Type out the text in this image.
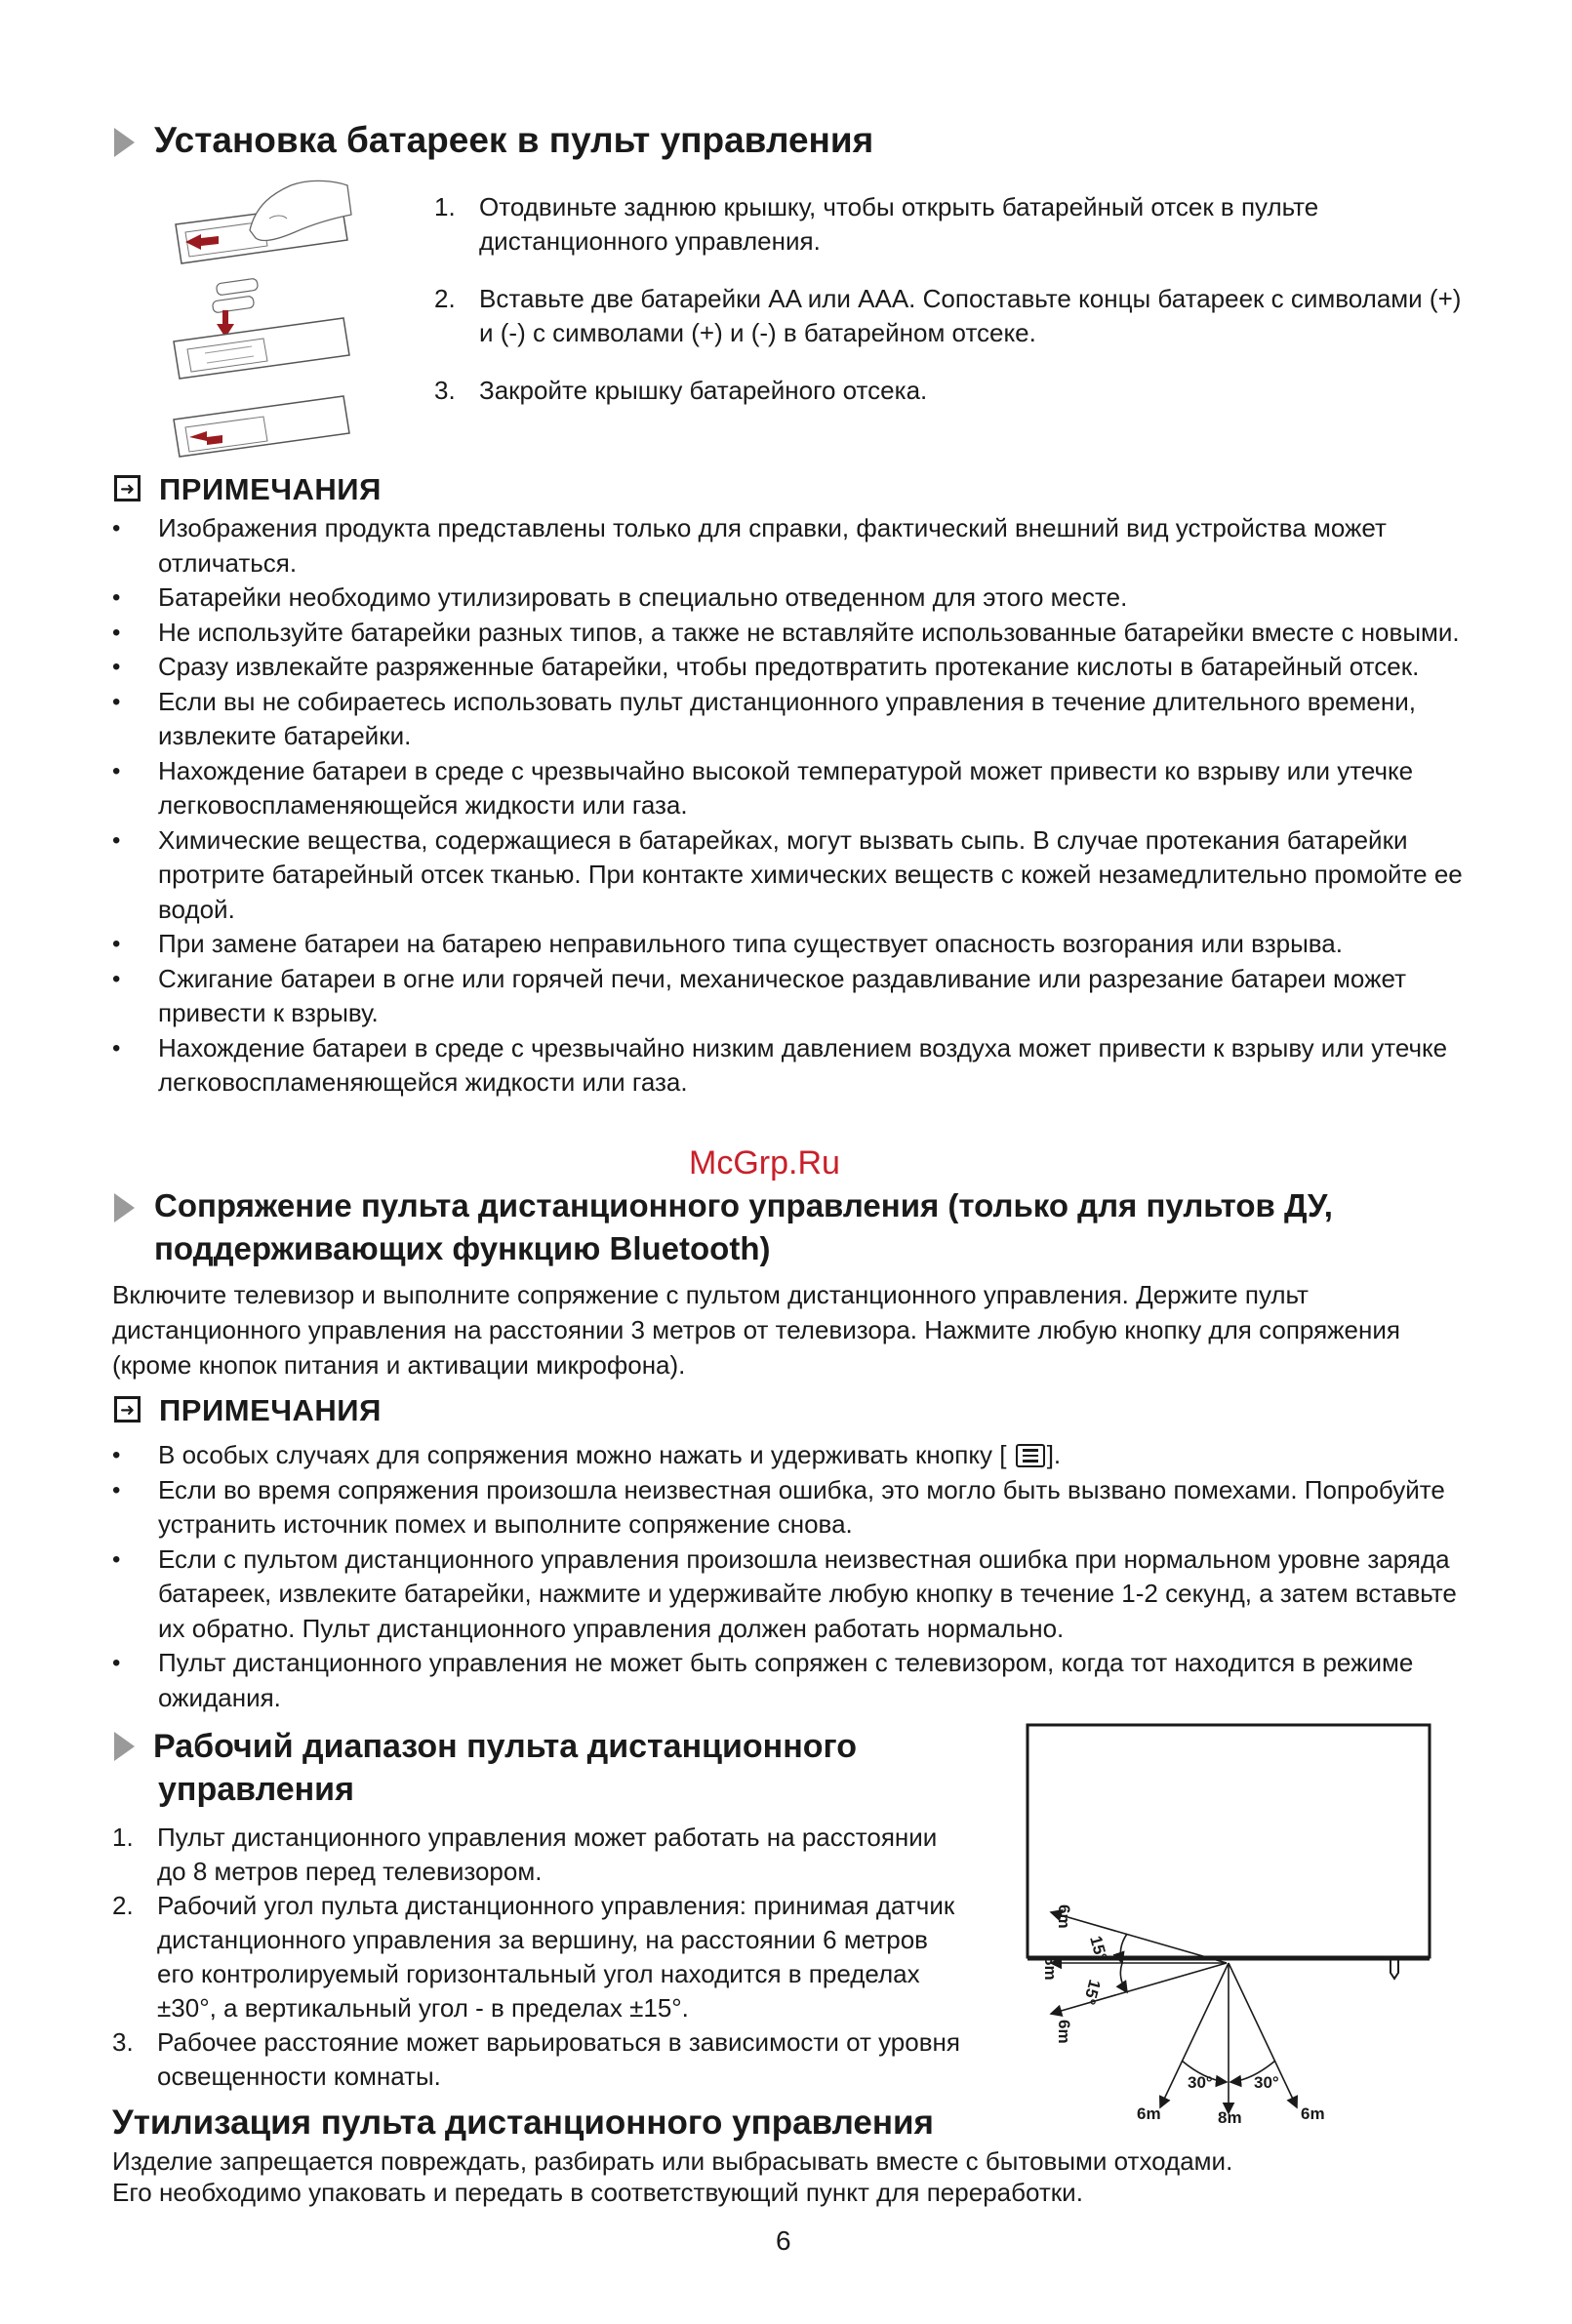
Установка батареек в пульт управления
1. Отодвиньте заднюю крышку, чтобы открыть батарейный отсек в пульте дистанционного управления.
2. Вставьте две батарейки AA или AAA. Сопоставьте концы батареек с символами (+) и (-) с символами (+) и (-) в батарейном отсеке.
3. Закройте крышку батарейного отсека.
➜ ПРИМЕЧАНИЯ
• Изображения продукта представлены только для справки, фактический внешний вид устройства может отличаться.
• Батарейки необходимо утилизировать в специально отведенном для этого месте.
• Не используйте батарейки разных типов, а также не вставляйте использованные батарейки вместе с новыми.
• Сразу извлекайте разряженные батарейки, чтобы предотвратить протекание кислоты в батарейный отсек.
• Если вы не собираетесь использовать пульт дистанционного управления в течение длительного времени, извлеките батарейки.
• Нахождение батареи в среде с чрезвычайно высокой температурой может привести ко взрыву или утечке легковоспламеняющейся жидкости или газа.
• Химические вещества, содержащиеся в батарейках, могут вызвать сыпь. В случае протекания батарейки протрите батарейный отсек тканью. При контакте химических веществ с кожей незамедлительно промойте ее водой.
• При замене батареи на батарею неправильного типа существует опасность возгорания или взрыва.
• Сжигание батареи в огне или горячей печи, механическое раздавливание или разрезание батареи может привести к взрыву.
• Нахождение батареи в среде с чрезвычайно низким давлением воздуха может привести к взрыву или утечке легковоспламеняющейся жидкости или газа.
McGrp.Ru
Сопряжение пульта дистанционного управления (только для пультов ДУ,
поддерживающих функцию Bluetooth)
Включите телевизор и выполните сопряжение с пультом дистанционного управления. Держите пульт дистанционного управления на расстоянии 3 метров от телевизора. Нажмите любую кнопку для сопряжения (кроме кнопок питания и активации микрофона).
➜ ПРИМЕЧАНИЯ
• В особых случаях для сопряжения можно нажать и удерживать кнопку [ ].
• Если во время сопряжения произошла неизвестная ошибка, это могло быть вызвано помехами. Попробуйте устранить источник помех и выполните сопряжение снова.
• Если с пультом дистанционного управления произошла неизвестная ошибка при нормальном уровне заряда батареек, извлеките батарейки, нажмите и удерживайте любую кнопку в течение 1-2 секунд, а затем вставьте их обратно. Пульт дистанционного управления должен работать нормально.
• Пульт дистанционного управления не может быть сопряжен с телевизором, когда тот находится в режиме ожидания.
Рабочий диапазон пульта дистанционного
управления
1. Пульт дистанционного управления может работать на расстоянии до 8 метров перед телевизором.
2. Рабочий угол пульта дистанционного управления: принимая датчик дистанционного управления за вершину, на расстоянии 6 метров его контролируемый горизонтальный угол находится в пределах ±30°, а вертикальный угол - в пределах ±15°.
3. Рабочее расстояние может варьироваться в зависимости от уровня освещенности комнаты.
6m
8m
6m
15°
15°
30° 30°
6m	8m	6m
Утилизация пульта дистанционного управления
Изделие запрещается повреждать, разбирать или выбрасывать вместе с бытовыми отходами.
Его необходимо упаковать и передать в соответствующий пункт для переработки.
6
